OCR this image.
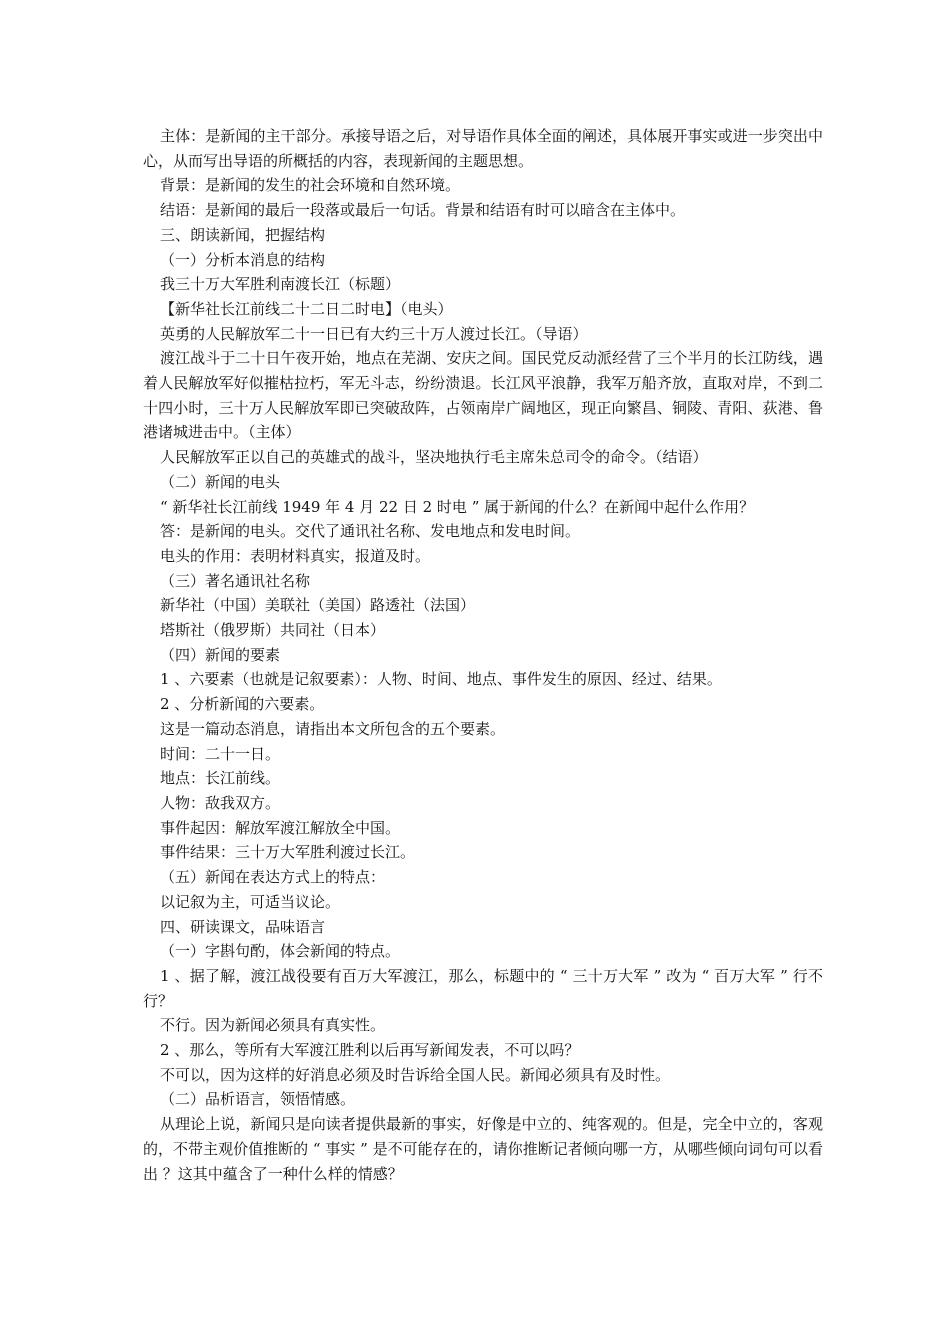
主体：是新闻的主干部分。承接导语之后，对导语作具体全面的阐述，具体展开事实或进一步突出中心，从而写出导语的所概括的内容，表现新闻的主题思想。

背景：是新闻的发生的社会环境和自然环境。

结语：是新闻的最后一段落或最后一句话。背景和结语有时可以暗含在主体中。

三、朗读新闻，把握结构

（一）分析本消息的结构

我三十万大军胜利南渡长江（标题）

【新华社长江前线二十二日二时电】（电头）

英勇的人民解放军二十一日已有大约三十万人渡过长江。（导语）

渡江战斗于二十日午夜开始，地点在芜湖、安庆之间。国民党反动派经营了三个半月的长江防线，遇着人民解放军好似摧枯拉朽，军无斗志，纷纷溃退。长江风平浪静，我军万船齐放，直取对岸，不到二十四小时，三十万人民解放军即已突破敌阵，占领南岸广阔地区，现正向繁昌、铜陵、青阳、荻港、鲁港诸城进击中。（主体）

人民解放军正以自己的英雄式的战斗，坚决地执行毛主席朱总司令的命令。（结语）

（二）新闻的电头

“ 新华社长江前线 1949 年 4 月 22 日 2 时电 ” 属于新闻的什么？在新闻中起什么作用？

答：是新闻的电头。交代了通讯社名称、发电地点和发电时间。

电头的作用：表明材料真实，报道及时。

（三）著名通讯社名称

新华社（中国）美联社（美国）路透社（法国）

塔斯社（俄罗斯）共同社（日本）

（四）新闻的要素

1 、六要素（也就是记叙要素）：人物、时间、地点、事件发生的原因、经过、结果。

2 、分析新闻的六要素。

这是一篇动态消息，请指出本文所包含的五个要素。

时间：二十一日。

地点：长江前线。

人物：敌我双方。

事件起因：解放军渡江解放全中国。

事件结果：三十万大军胜利渡过长江。

（五）新闻在表达方式上的特点：

以记叙为主，可适当议论。

四、研读课文，品味语言

（一）字斟句酌，体会新闻的特点。

1 、据了解，渡江战役要有百万大军渡江，那么，标题中的 “ 三十万大军 ” 改为 “ 百万大军 ” 行不行？

不行。因为新闻必须具有真实性。

2 、那么，等所有大军渡江胜利以后再写新闻发表，不可以吗？

不可以，因为这样的好消息必须及时告诉给全国人民。新闻必须具有及时性。

（二）品析语言，领悟情感。

从理论上说，新闻只是向读者提供最新的事实，好像是中立的、纯客观的。但是，完全中立的，客观的，不带主观价值推断的 “ 事实 ” 是不可能存在的，请你推断记者倾向哪一方，从哪些倾向词句可以看出 ？这其中蕴含了一种什么样的情感？
